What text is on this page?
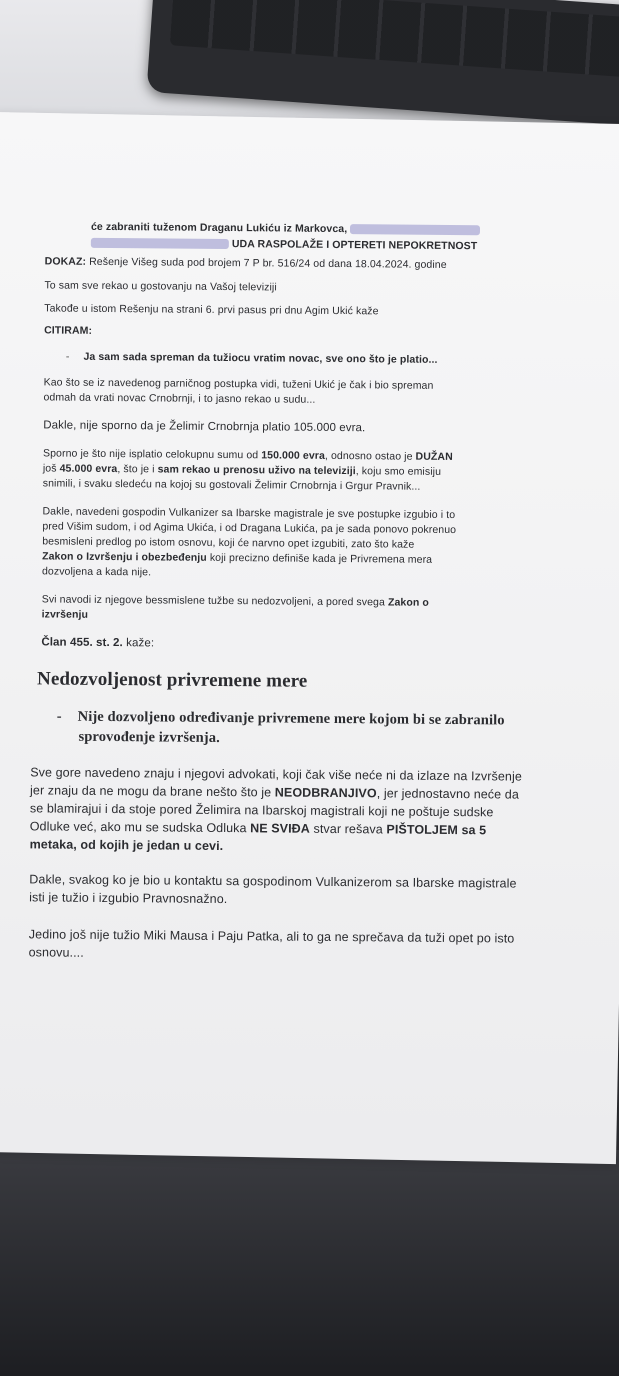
će zabraniti tuženom Draganu Lukiću iz Markovca,
UDA RASPOLAŽE I OPTERETI NEPOKRETNOST
DOKAZ: Rešenje Višeg suda pod brojem 7 P br. 516/24 od dana 18.04.2024. godine
To sam sve rekao u gostovanju na Vašoj televiziji
Takođe u istom Rešenju na strani 6. prvi pasus pri dnu Agim Ukić kaže
CITIRAM:
- Ja sam sada spreman da tužiocu vratim novac, sve ono što je platio...
Kao što se iz navedenog parničnog postupka vidi, tuženi Ukić je čak i bio spreman
odmah da vrati novac Crnobrnji, i to jasno rekao u sudu...
Dakle, nije sporno da je Želimir Crnobrnja platio 105.000 evra.
Sporno je što nije isplatio celokupnu sumu od 150.000 evra, odnosno ostao je DUŽAN
još 45.000 evra, što je i sam rekao u prenosu uživo na televiziji, koju smo emisiju
snimili, i svaku sledeću na kojoj su gostovali Želimir Crnobrnja i Grgur Pravnik...
Dakle, navedeni gospodin Vulkanizer sa Ibarske magistrale je sve postupke izgubio i to
pred Višim sudom, i od Agima Ukića, i od Dragana Lukića, pa je sada ponovo pokrenuo
besmisleni predlog po istom osnovu, koji će narvno opet izgubiti, zato što kaže
Zakon o Izvršenju i obezbeđenju koji precizno definiše kada je Privremena mera
dozvoljena a kada nije.
Svi navodi iz njegove bessmislene tužbe su nedozvoljeni, a pored svega Zakon o
izvršenju
Član 455. st. 2. kaže:
Nedozvoljenost privremene mere
- Nije dozvoljeno određivanje privremene mere kojom bi se zabranilo
sprovođenje izvršenja.
Sve gore navedeno znaju i njegovi advokati, koji čak više neće ni da izlaze na Izvršenje
jer znaju da ne mogu da brane nešto što je NEODBRANJIVO, jer jednostavno neće da
se blamirajui i da stoje pored Želimira na Ibarskoj magistrali koji ne poštuje sudske
Odluke već, ako mu se sudska Odluka NE SVIĐA stvar rešava PIŠTOLJEM sa 5
metaka, od kojih je jedan u cevi.
Dakle, svakog ko je bio u kontaktu sa gospodinom Vulkanizerom sa Ibarske magistrale
isti je tužio i izgubio Pravnosnažno.
Jedino još nije tužio Miki Mausa i Paju Patka, ali to ga ne sprečava da tuži opet po isto
osnovu....
